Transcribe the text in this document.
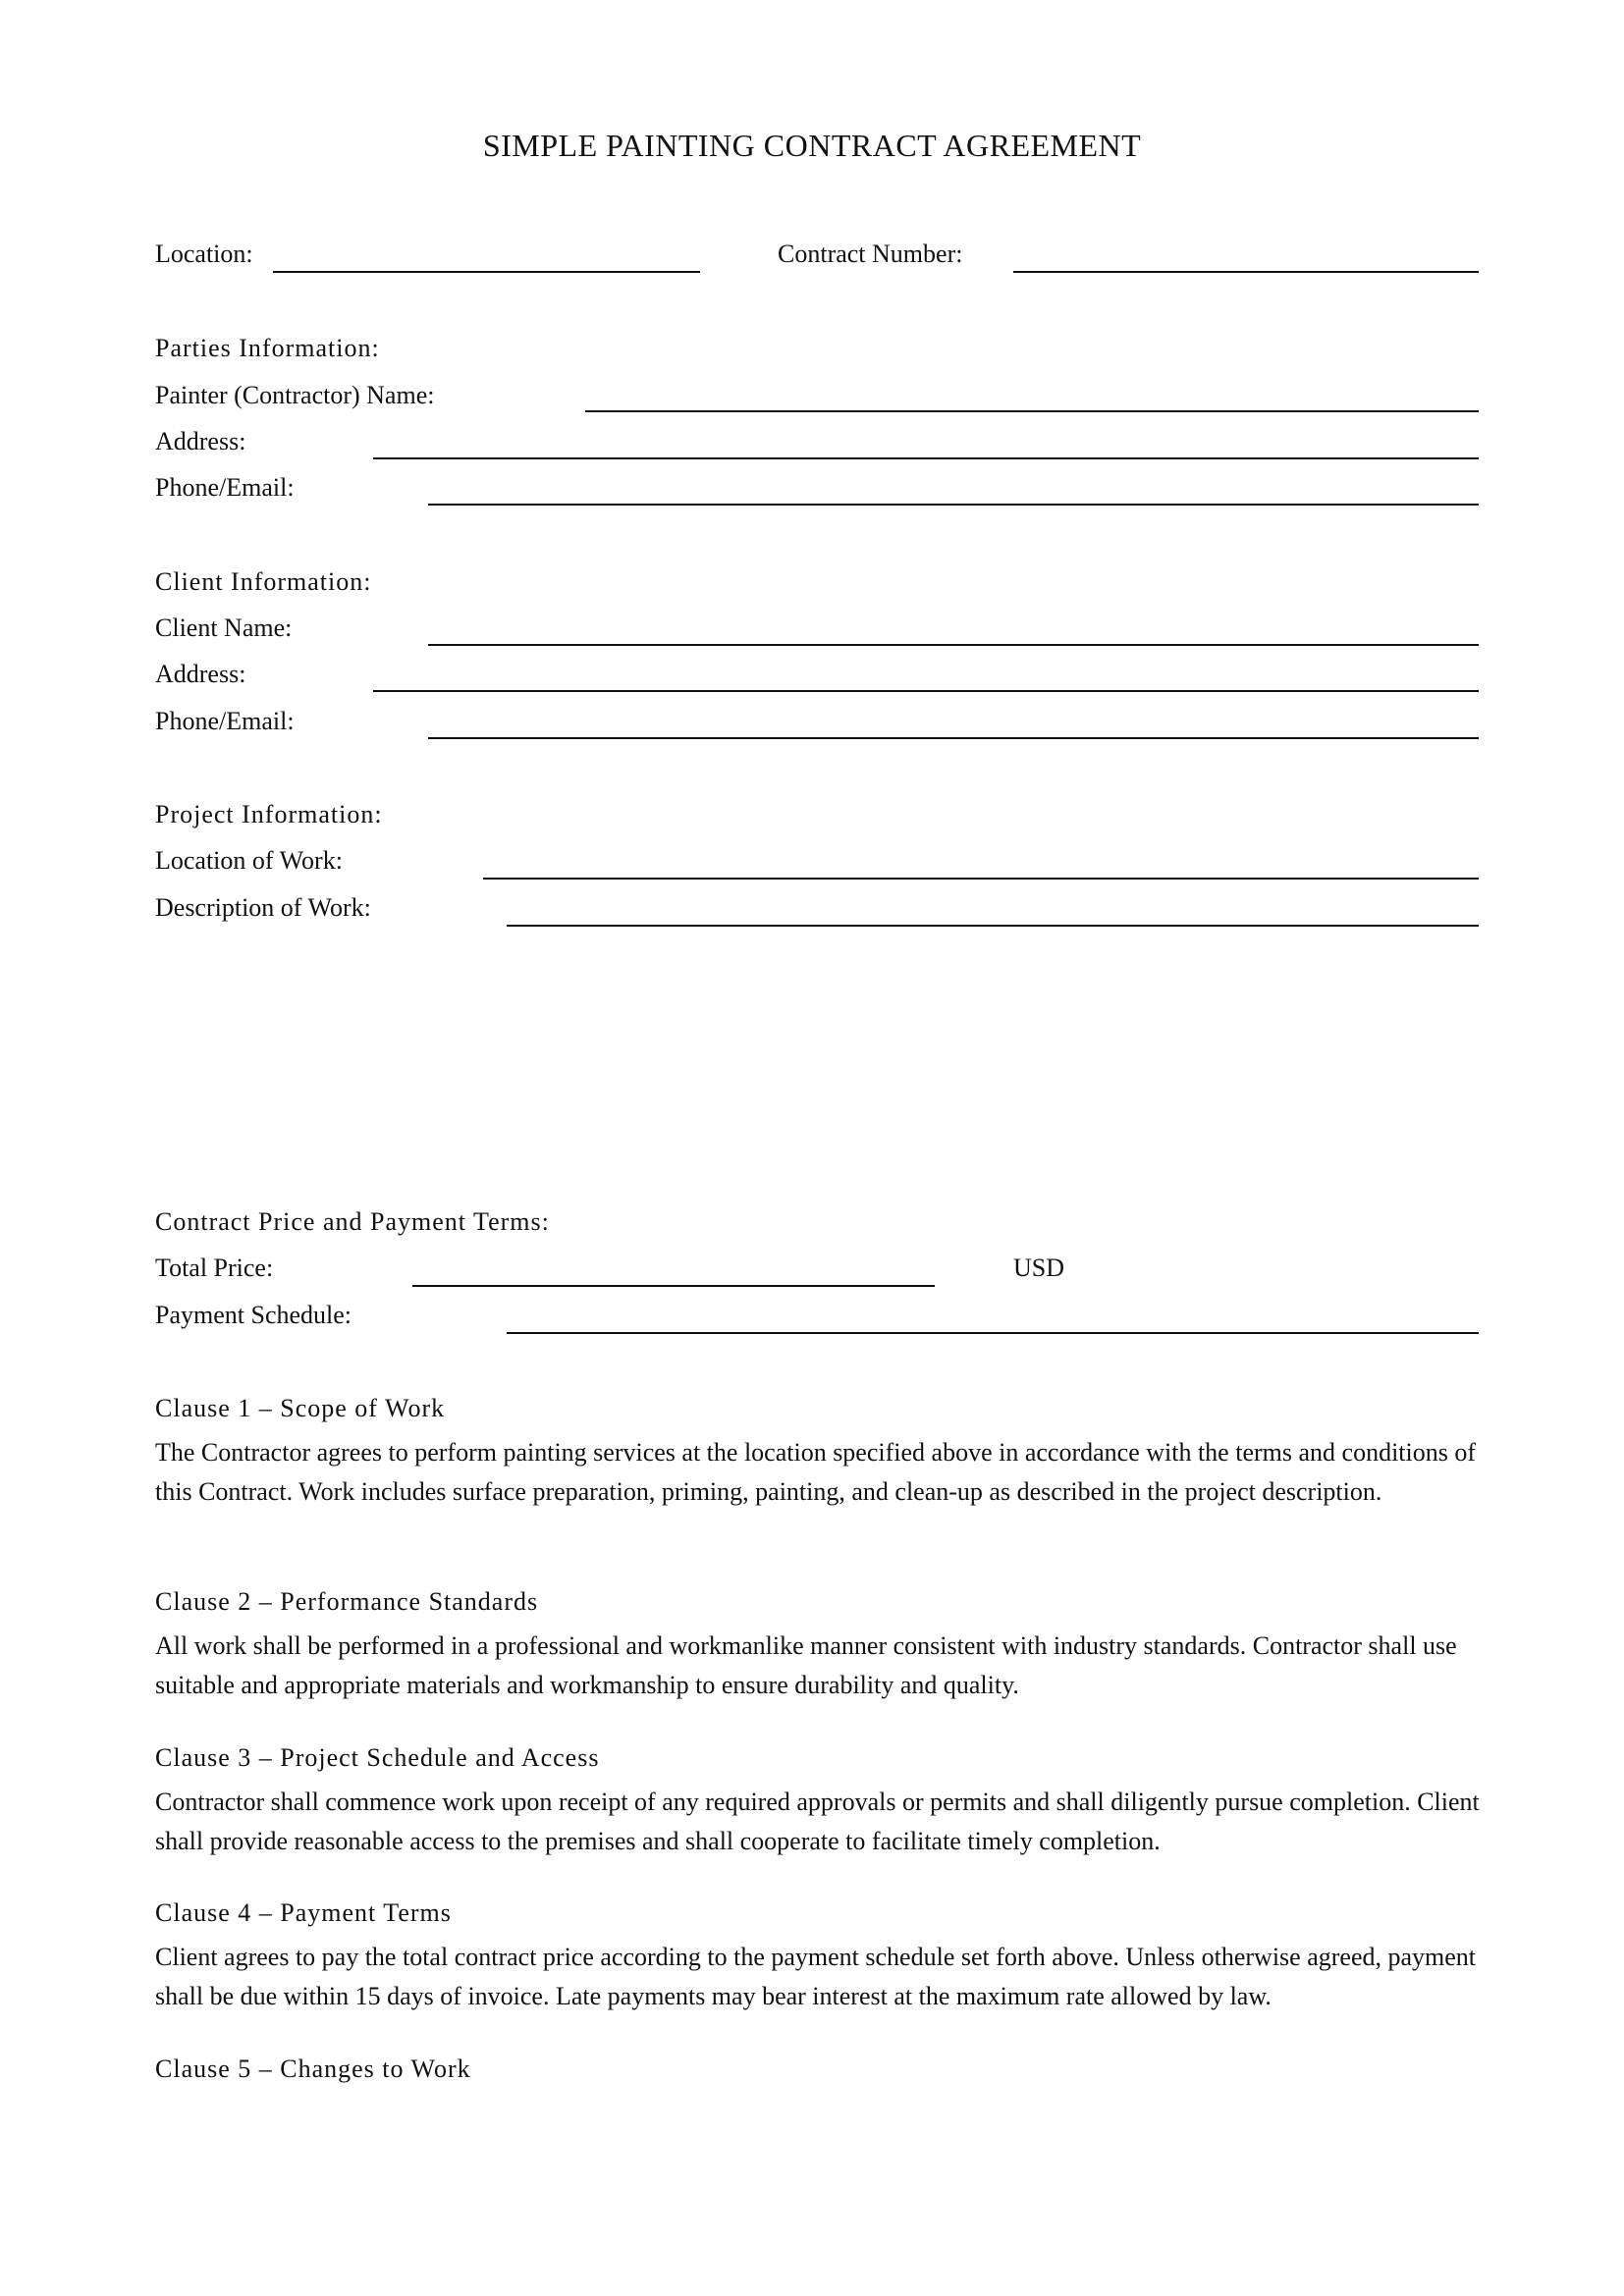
SIMPLE PAINTING CONTRACT AGREEMENT
Location:	Contract Number:
Parties Information:
Painter (Contractor) Name:
Address:
Phone/Email:
Client Information:
Client Name:
Address:
Phone/Email:
Project Information:
Location of Work:
Description of Work:
Contract Price and Payment Terms:
Total Price:	USD
Payment Schedule:
Clause 1 – Scope of Work
The Contractor agrees to perform painting services at the location specified above in accordance with the terms and conditions of this Contract. Work includes surface preparation, priming, painting, and clean-up as described in the project description.
Clause 2 – Performance Standards
All work shall be performed in a professional and workmanlike manner consistent with industry standards. Contractor shall use suitable and appropriate materials and workmanship to ensure durability and quality.
Clause 3 – Project Schedule and Access
Contractor shall commence work upon receipt of any required approvals or permits and shall diligently pursue completion. Client shall provide reasonable access to the premises and shall cooperate to facilitate timely completion.
Clause 4 – Payment Terms
Client agrees to pay the total contract price according to the payment schedule set forth above. Unless otherwise agreed, payment shall be due within 15 days of invoice. Late payments may bear interest at the maximum rate allowed by law.
Clause 5 – Changes to Work
